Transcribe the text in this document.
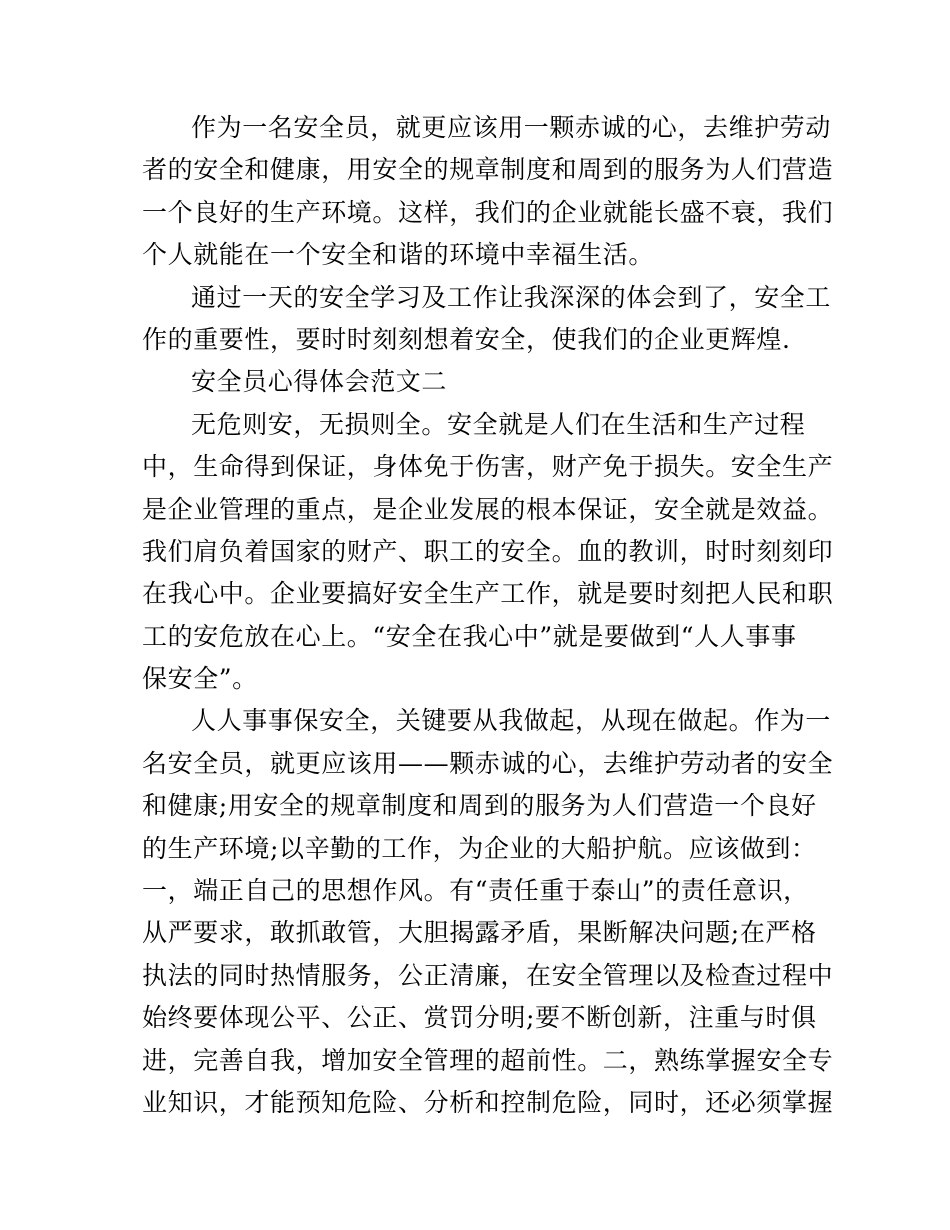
作为一名安全员，就更应该用一颗赤诚的心，去维护劳动
者的安全和健康，用安全的规章制度和周到的服务为人们营造
一个良好的生产环境。这样，我们的企业就能长盛不衰，我们
个人就能在一个安全和谐的环境中幸福生活。
通过一天的安全学习及工作让我深深的体会到了，安全工
作的重要性，要时时刻刻想着安全，使我们的企业更辉煌.
安全员心得体会范文二
无危则安，无损则全。安全就是人们在生活和生产过程
中，生命得到保证，身体免于伤害，财产免于损失。安全生产
是企业管理的重点，是企业发展的根本保证，安全就是效益。
我们肩负着国家的财产、职工的安全。血的教训，时时刻刻印
在我心中。企业要搞好安全生产工作，就是要时刻把人民和职
工的安危放在心上。“安全在我心中”就是要做到“人人事事
保安全”。
人人事事保安全，关键要从我做起，从现在做起。作为一
名安全员，就更应该用——颗赤诚的心，去维护劳动者的安全
和健康;用安全的规章制度和周到的服务为人们营造一个良好
的生产环境;以辛勤的工作，为企业的大船护航。应该做到：
一，端正自己的思想作风。有“责任重于泰山”的责任意识，
从严要求，敢抓敢管，大胆揭露矛盾，果断解决问题;在严格
执法的同时热情服务，公正清廉，在安全管理以及检查过程中
始终要体现公平、公正、赏罚分明;要不断创新，注重与时俱
进，完善自我，增加安全管理的超前性。二，熟练掌握安全专
业知识，才能预知危险、分析和控制危险，同时，还必须掌握
